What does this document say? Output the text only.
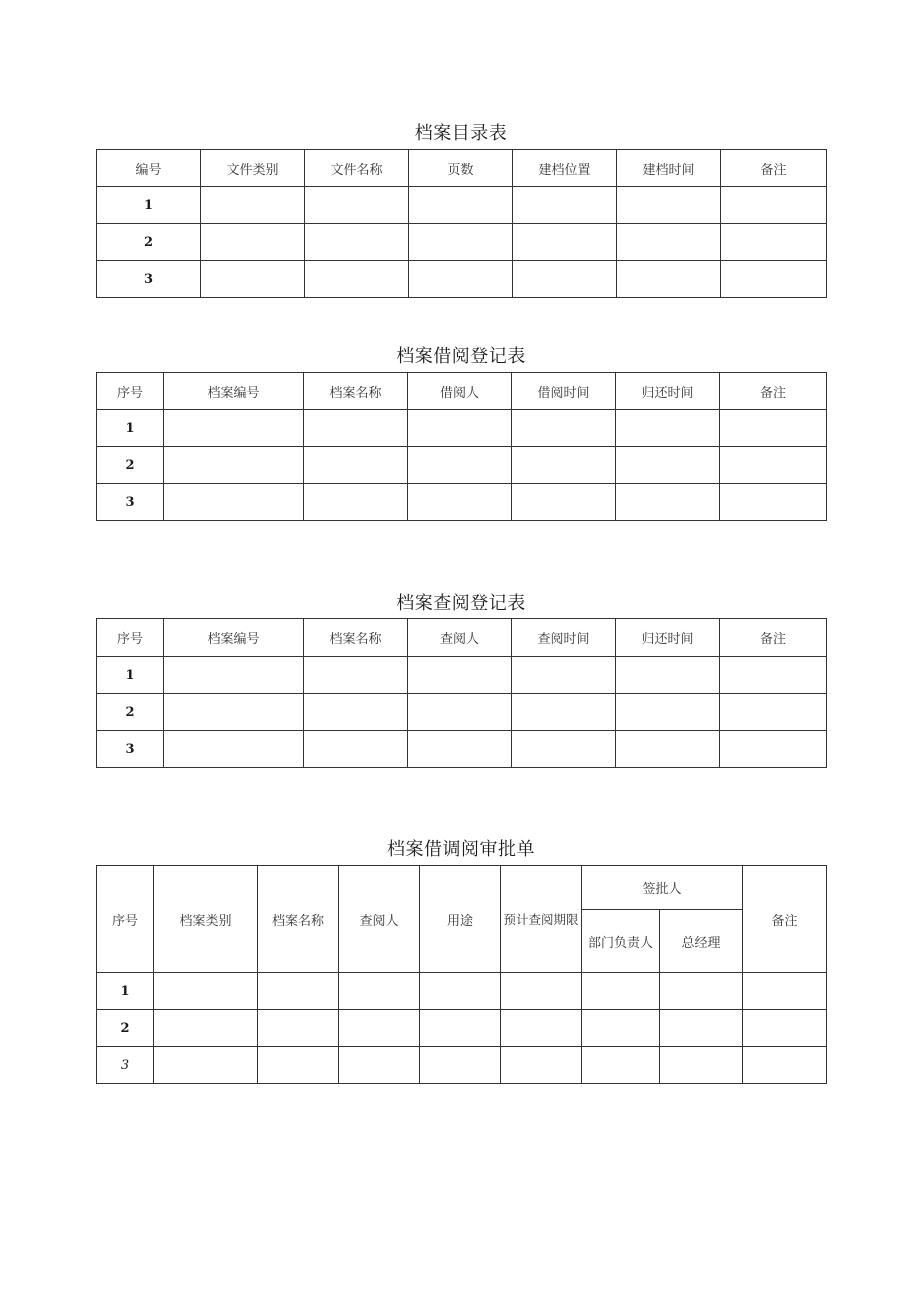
档案目录表
编号	文件类别	文件名称	页数	建档位置	建档时间	备注
1						
2						
3						
档案借阅登记表
序号	档案编号	档案名称	借阅人	借阅时间	归还时间	备注
1						
2						
3						
档案查阅登记表
序号	档案编号	档案名称	查阅人	查阅时间	归还时间	备注
1						
2						
3						
档案借调阅审批单
序号	档案类别	档案名称	查阅人	用途	预计查阅期限	签批人		备注
						部门负责人	总经理	
1								
2								
3								
